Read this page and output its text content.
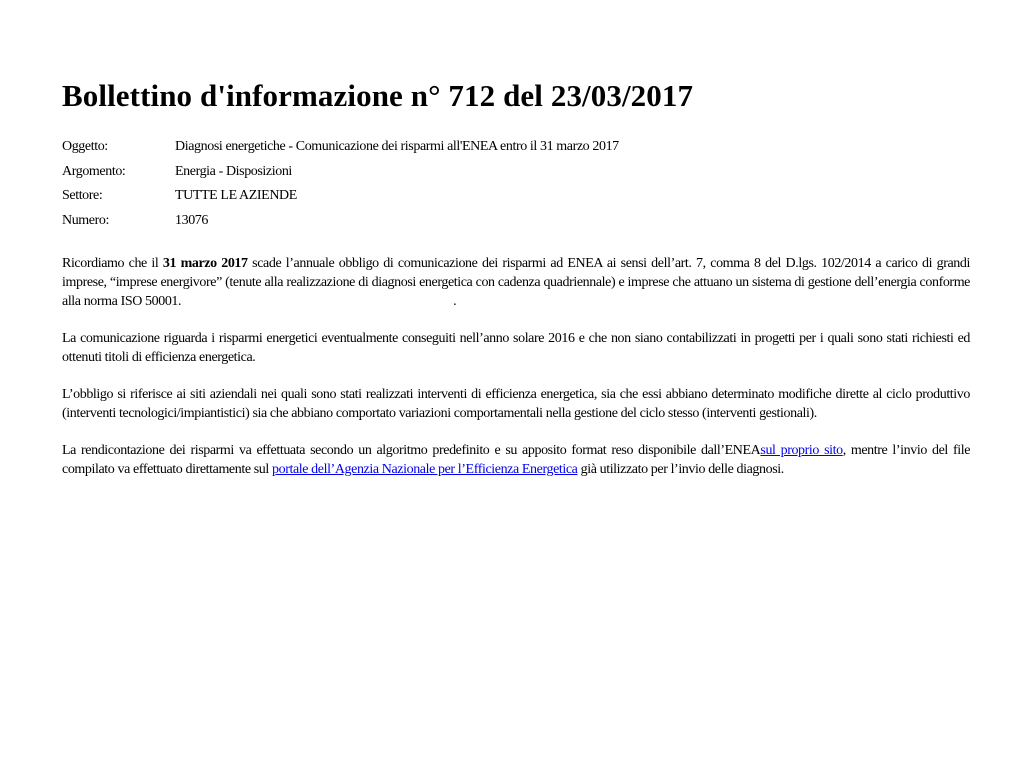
Bollettino d'informazione n° 712 del 23/03/2017
Oggetto:	Diagnosi energetiche - Comunicazione dei risparmi all'ENEA entro il 31 marzo 2017
Argomento:	Energia - Disposizioni
Settore:	TUTTE LE AZIENDE
Numero:	13076

Ricordiamo che il 31 marzo 2017 scade l’annuale obbligo di comunicazione dei risparmi ad ENEA ai sensi dell’art. 7, comma 8 del D.lgs. 102/2014 a carico di grandi imprese, “imprese energivore” (tenute alla realizzazione di diagnosi energetica con cadenza quadriennale) e imprese che attuano un sistema di gestione dell’energia conforme alla norma ISO 50001.	.

La comunicazione riguarda i risparmi energetici eventualmente conseguiti nell’anno solare 2016 e che non siano contabilizzati in progetti per i quali sono stati richiesti ed ottenuti titoli di efficienza energetica.

L’obbligo si riferisce ai siti aziendali nei quali sono stati realizzati interventi di efficienza energetica, sia che essi abbiano determinato modifiche dirette al ciclo produttivo (interventi tecnologici/impiantistici) sia che abbiano comportato variazioni comportamentali nella gestione del ciclo stesso (interventi gestionali).

La rendicontazione dei risparmi va effettuata secondo un algoritmo predefinito e su apposito format reso disponibile dall’ENEAsul proprio sito, mentre l’invio del file compilato va effettuato direttamente sul portale dell’Agenzia Nazionale per l’Efficienza Energetica già utilizzato per l’invio delle diagnosi.
